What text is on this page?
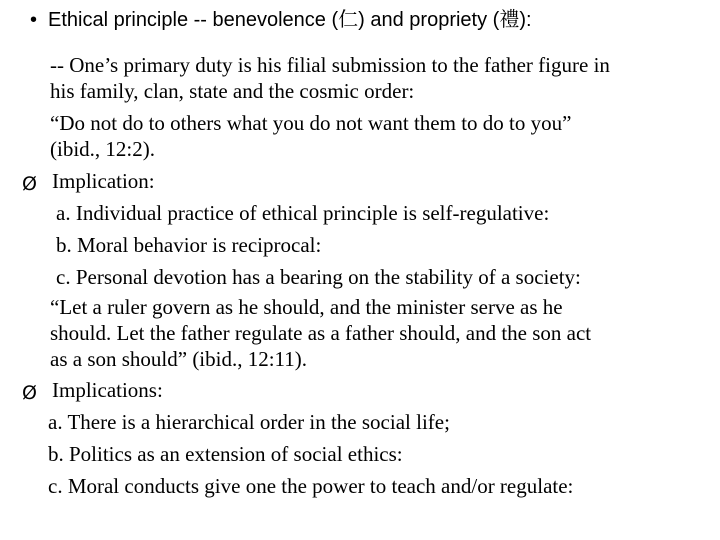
• Ethical principle -- benevolence (仁) and propriety (禮):
-- One’s primary duty is his filial submission to the father figure in
his family, clan, state and the cosmic order:
“Do not do to others what you do not want them to do to you”
(ibid., 12:2).
Ø Implication:
a. Individual practice of ethical principle is self-regulative:
b. Moral behavior is reciprocal:
c. Personal devotion has a bearing on the stability of a society:
“Let a ruler govern as he should, and the minister serve as he
should. Let the father regulate as a father should, and the son act
as a son should” (ibid., 12:11).
Ø Implications:
a. There is a hierarchical order in the social life;
b. Politics as an extension of social ethics:
c. Moral conducts give one the power to teach and/or regulate:
